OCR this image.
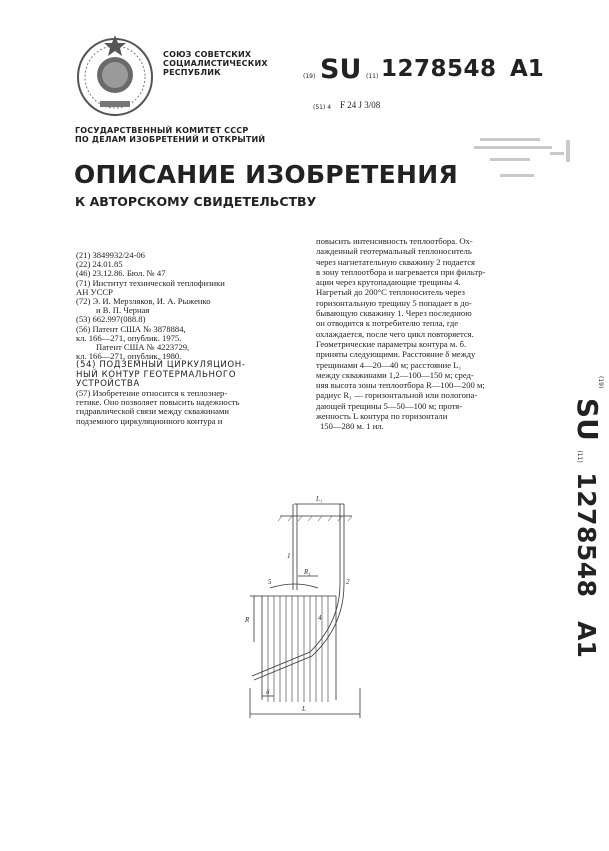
СОЮЗ СОВЕТСКИХ
СОЦИАЛИСТИЧЕСКИХ
РЕСПУБЛИК	(19) SU (11) 1278548 A1
(51) 4 F 24 J 3/08
ГОСУДАРСТВЕННЫЙ КОМИТЕТ СССР
ПО ДЕЛАМ ИЗОБРЕТЕНИЙ И ОТКРЫТИЙ
ОПИСАНИЕ ИЗОБРЕТЕНИЯ
К АВТОРСКОМУ СВИДЕТЕЛЬСТВУ
(21) 3849932/24-06
(22) 24.01.85
(46) 23.12.86. Бюл. № 47
(71) Институт технической теплофизики
АН УССР
(72) Э. И. Мерзляков, И. А. Рыженко
и В. П. Черная
(53) 662.997(088.8)
(56) Патент США № 3878884,
кл. 166—271, опублик. 1975.
Патент США № 4223729,
кл. 166—271, опублик. 1980.
(54) ПОДЗЕМНЫЙ ЦИРКУЛЯЦИОН-
НЫЙ КОНТУР ГЕОТЕРМАЛЬНОГО
УСТРОЙСТВА
(57) Изобретение относится к теплоэнер-
гетике. Оно позволяет повысить надежность
гидравлической связи между скважинами
подземного циркуляционного контура и
повысить интенсивность теплоотбора. Ох-
лажденный геотермальный теплоноситель
через нагнетательную скважину 2 подается
в зону теплоотбора и нагревается при фильтр-
ации через крутопадающие трещины 4.
Нагретый до 200°С теплоноситель через
горизонтальную трещину 5 попадает в до-
бывающую скважину 1. Через последнюю
он отводится к потребителю тепла, где
охлаждается, после чего цикл повторяется.
Геометрические параметры контура м. б.
приняты следующими. Расстояние δ между
трещинами 4—20—40 м; расстояние L₁
между скважинами 1,2—100—150 м; сред-
няя высота зоны теплоотбора R—100—200 м;
радиус R₁ — горизонтальной или пологопа-
дающей трещины 5—50—100 м; протя-
женность L контура по горизонтали
150—280 м. 1 ил.
$^{(19)}$ SU (11) 1278548 A1
L₁
1
5
R₁
2
δ
4
R
L
